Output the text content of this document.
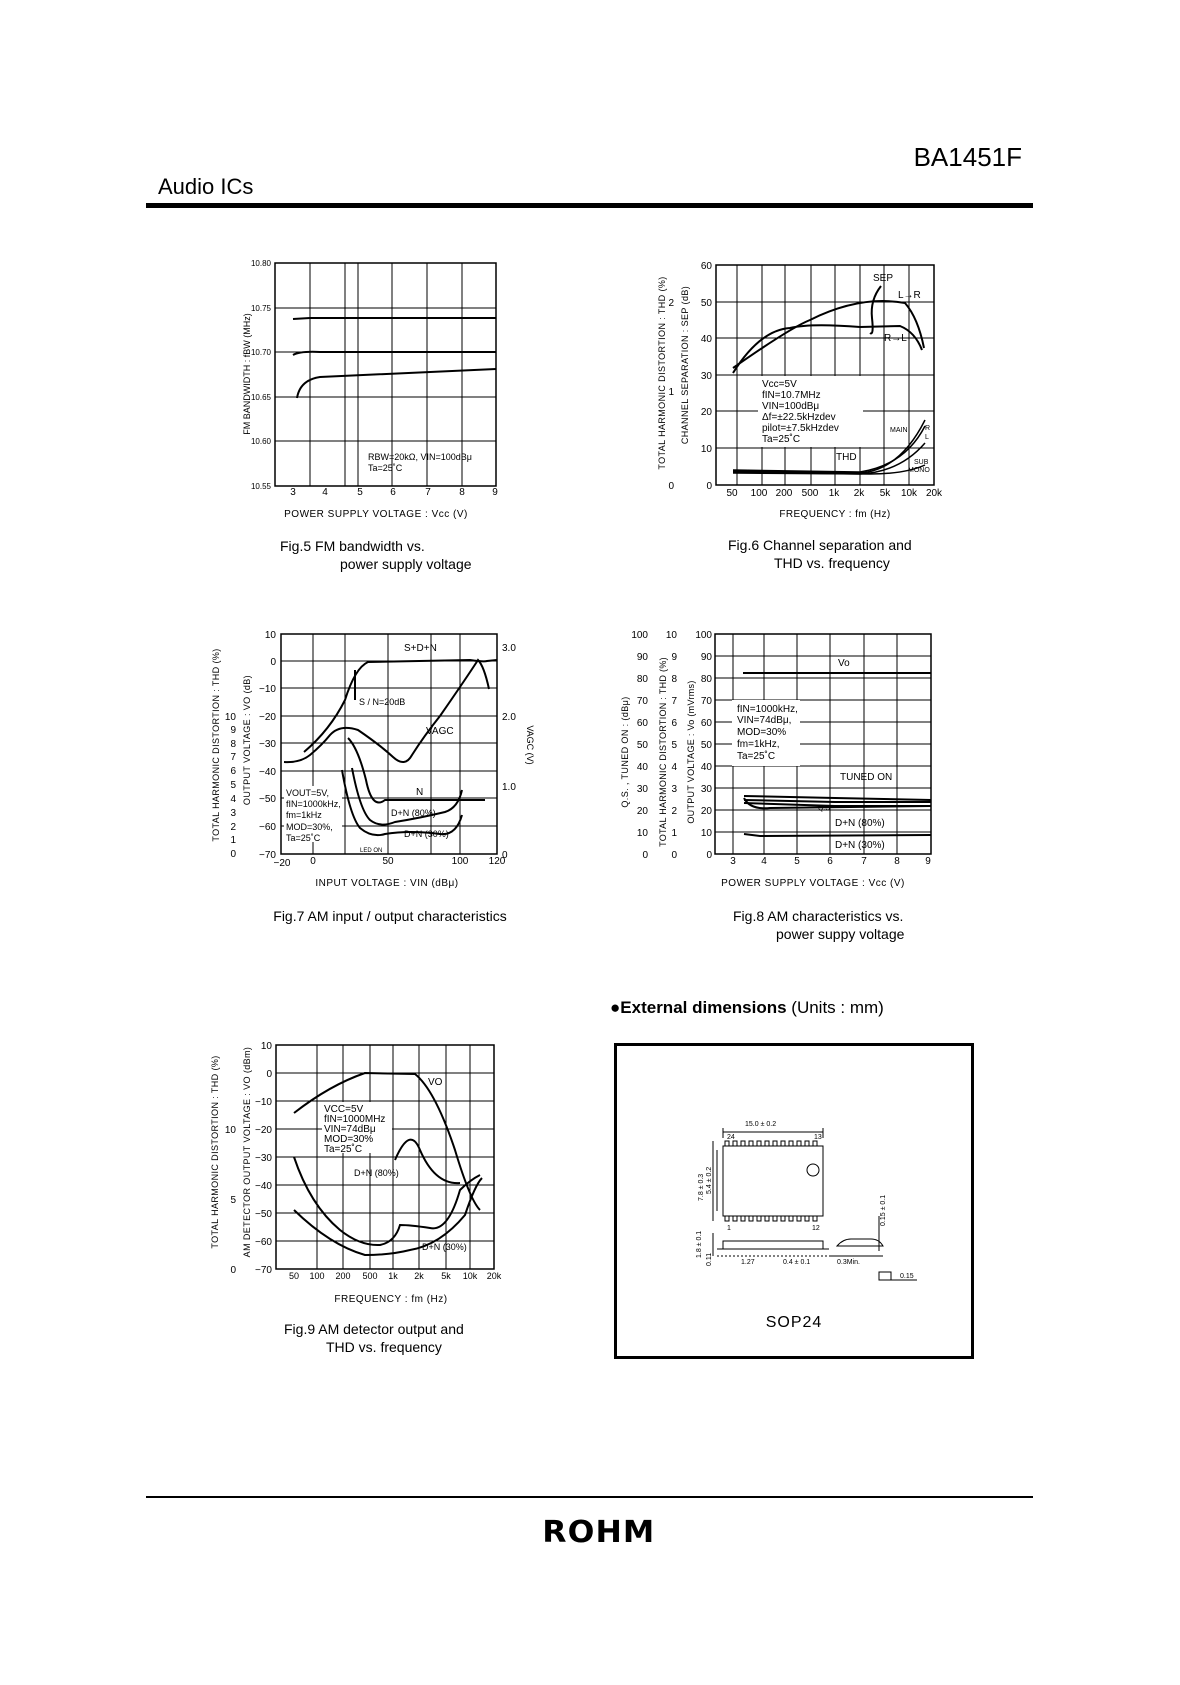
BA1451F
Audio ICs
10.80
10.75
10.70
10.65
10.60
10.55
3	4	5	6	7	8	9
POWER SUPPLY VOLTAGE : Vcc (V)
FM BANDWIDTH : fBW (MHz)
RBW=20kΩ, VIN=100dBμ
Ta=25˚C
Fig.5 FM bandwidth vs.
power supply voltage
60
50
40
30
20
10
0
2
1
0
50 100 200 500 1k 2k 5k 10k 20k
FREQUENCY : fm (Hz)
TOTAL HARMONIC DISTORTION : THD (%) CHANNEL SEPARATION : SEP (dB)
SEP
L→R
R→L
THD
MAIN	R
L
SUB
MONO
Vcc=5V
fIN=10.7MHz
VIN=100dBμ
Δf=±22.5kHzdev
pilot=±7.5kHzdev
Ta=25˚C
Fig.6 Channel separation and
THD vs. frequency
10
0
−10
−20
−30
−40
−50
−60
−70
10
9
8
7
6
5
4
3
2
1
0
3.0
2.0
1.0
0
−20 0	50	100 120
INPUT VOLTAGE : VIN (dBμ)
TOTAL HARMONIC DISTORTION : THD (%) OUTPUT VOLTAGE : VO (dB)	VAGC (V)
S+D+N
S / N=20dB
VAGC
N
D+N (80%)
D+N (30%)
LED ON
VOUT=5V,
fIN=1000kHz,
fm=1kHz
MOD=30%,
Ta=25˚C
Fig.7 AM input / output characteristics
100
90
80
70
60
50
40
30
20
10
0
10
9
8
7
6
5
4
3
2
1
0
100
90
80
70
60
50
40
30
20
10
0
3	4	5	6	7	8	9
POWER SUPPLY VOLTAGE : Vcc (V)
Q.S. , TUNED ON : (dBμ)	TOTAL HARMONIC DISTORTION : THD (%) OUTPUT VOLTAGE : Vo (mVrms)
Vo
TUNED ON
Q.S
D+N (80%)
D+N (30%)
fIN=1000kHz,
VIN=74dBμ,
MOD=30%
fm=1kHz,
Ta=25˚C
Fig.8 AM characteristics vs.
power suppy voltage
10
0
−10
−20
−30
−40
−50
−60
−70
10
5
0	50 100 200 500 1k 2k 5k 10k 20k
FREQUENCY : fm (Hz)
TOTAL HARMONIC DISTORTION : THD (%) AM DETECTOR OUTPUT VOLTAGE : VO (dBm)	VO
D+N (80%)
D+N (30%)
VCC=5V
fIN=1000MHz
VIN=74dBμ
MOD=30%
Ta=25˚C
Fig.9 AM detector output and
THD vs. frequency
●External dimensions (Units : mm)
15.0 ± 0.2
24	13
1	12
7.8 ± 0.3 5.4 ± 0.2
1.8 ± 0.1
0.11	1.27	0.4 ± 0.1	0.3Min.
0.15 ± 0.1
0.15
SOP24
ROHM
